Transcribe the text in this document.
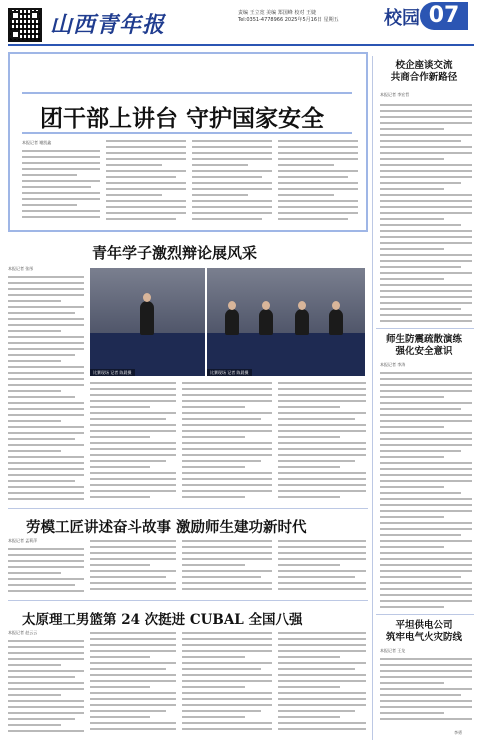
山西青年报	责编 王立宽 美编 郑国峰 校对 王婕
Tel:0351-4778966 2025年5月16日 星期五	校园 07
团干部上讲台 守护国家安全
本报记者 谢凯鑫
青年学子激烈辩论展风采
本报记者 张彤
比赛现场 记者 陈晨摄	比赛现场 记者 陈晨摄
劳模工匠讲述奋斗故事 激励师生建功新时代
本报记者 孟莉萍
太原理工男篮第 24 次挺进 CUBAL 全国八强
本报记者 赵云云
校企座谈交流
共商合作新路径
本报记者 李宏哲
师生防震疏散演练
强化安全意识
本报记者 李涛
平坦供电公司
筑牢电气火灾防线
本报记者 王龙
李勇
